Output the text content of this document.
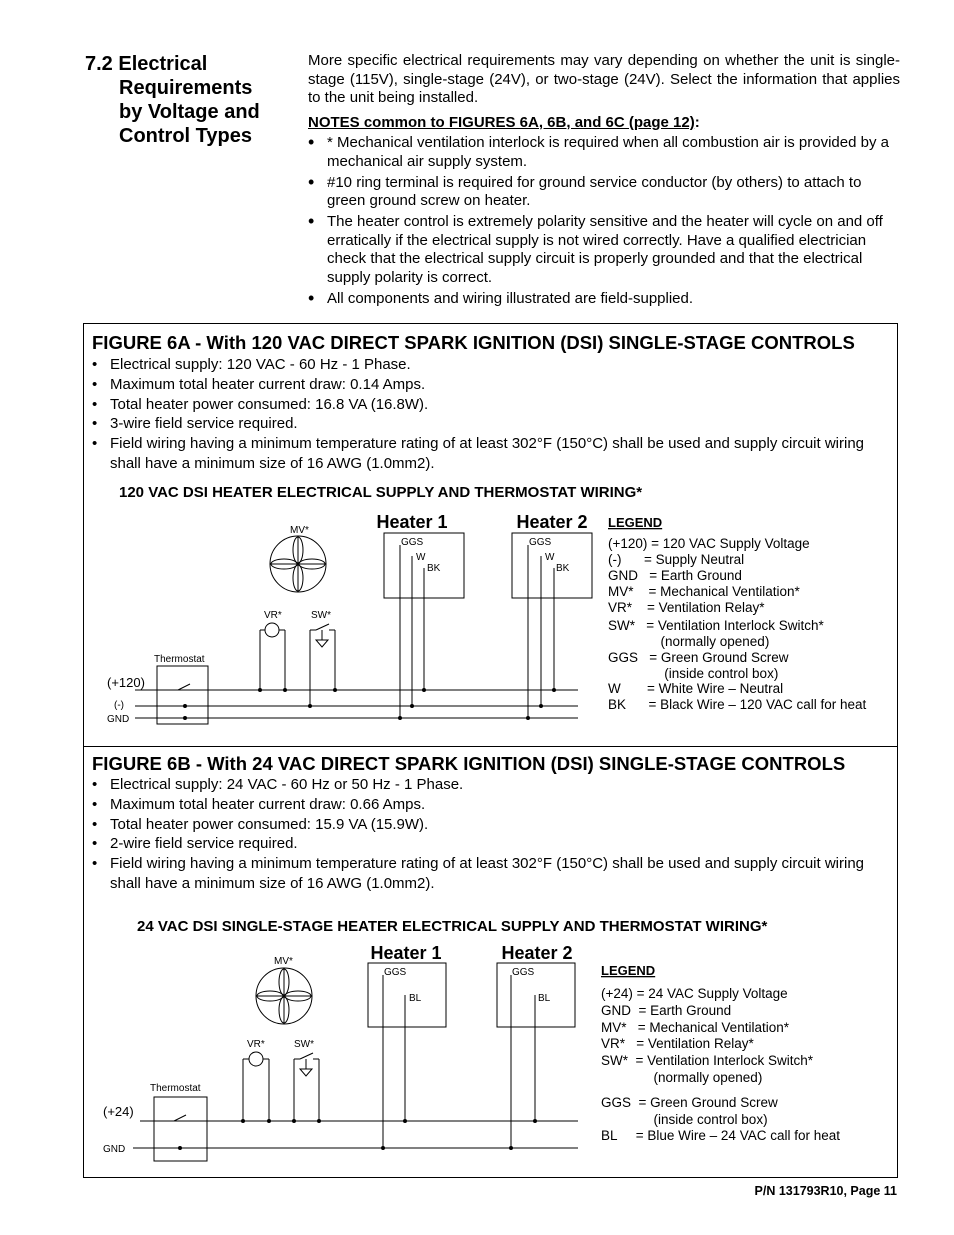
7.2 Electrical
Requirements
by Voltage and
Control Types

More specific electrical requirements may vary depending on whether the unit is single-stage (115V), single-stage (24V), or two-stage (24V). Select the information that applies to the unit being installed.

NOTES common to FIGURES 6A, 6B, and 6C (page 12):
• * Mechanical ventilation interlock is required when all combustion air is provided by a mechanical air supply system.
• #10 ring terminal is required for ground service conductor (by others) to attach to green ground screw on heater.
• The heater control is extremely polarity sensitive and the heater will cycle on and off erratically if the electrical supply is not wired correctly. Have a qualified electrician check that the electrical supply circuit is properly grounded and that the electrical supply polarity is correct.
• All components and wiring illustrated are field-supplied.
FIGURE 6A - With 120 VAC DIRECT SPARK IGNITION (DSI) SINGLE-STAGE CONTROLS
• Electrical supply: 120 VAC - 60 Hz - 1 Phase.
• Maximum total heater current draw: 0.14 Amps.
• Total heater power consumed: 16.8 VA (16.8W).
• 3-wire field service required.
• Field wiring having a minimum temperature rating of at least 302°F (150°C) shall be used and supply circuit wiring shall have a minimum size of 16 AWG (1.0mm2).
120 VAC DSI HEATER ELECTRICAL SUPPLY AND THERMOSTAT WIRING*
Heater 1	Heater 2
GGS
W
BK
GGS
W
BK
MV*
VR*	SW*
Thermostat
(+120)
(-)
GND
LEGEND
(+120) = 120 VAC Supply Voltage
(-)      = Supply Neutral
GND   = Earth Ground
MV*    = Mechanical Ventilation*
VR*    = Ventilation Relay*
SW*   = Ventilation Interlock Switch*
(normally opened)
GGS   = Green Ground Screw
(inside control box)
W       = White Wire – Neutral
BK      = Black Wire – 120 VAC call for heat
FIGURE 6B - With 24 VAC DIRECT SPARK IGNITION (DSI) SINGLE-STAGE CONTROLS
• Electrical supply: 24 VAC - 60 Hz or 50 Hz - 1 Phase.
• Maximum total heater current draw: 0.66 Amps.
• Total heater power consumed: 15.9 VA (15.9W).
• 2-wire field service required.
• Field wiring having a minimum temperature rating of at least 302°F (150°C) shall be used and supply circuit wiring shall have a minimum size of 16 AWG (1.0mm2).
24 VAC DSI SINGLE-STAGE HEATER ELECTRICAL SUPPLY AND THERMOSTAT WIRING*
Heater 1	Heater 2
GGS
BL
GGS
BL
MV*
VR*	SW*
Thermostat
(+24)
GND
LEGEND
(+24) = 24 VAC Supply Voltage
GND  = Earth Ground
MV*   = Mechanical Ventilation*
VR*   = Ventilation Relay*
SW*  = Ventilation Interlock Switch*
(normally opened)
GGS  = Green Ground Screw
(inside control box)
BL     = Blue Wire – 24 VAC call for heat
P/N 131793R10, Page 11
